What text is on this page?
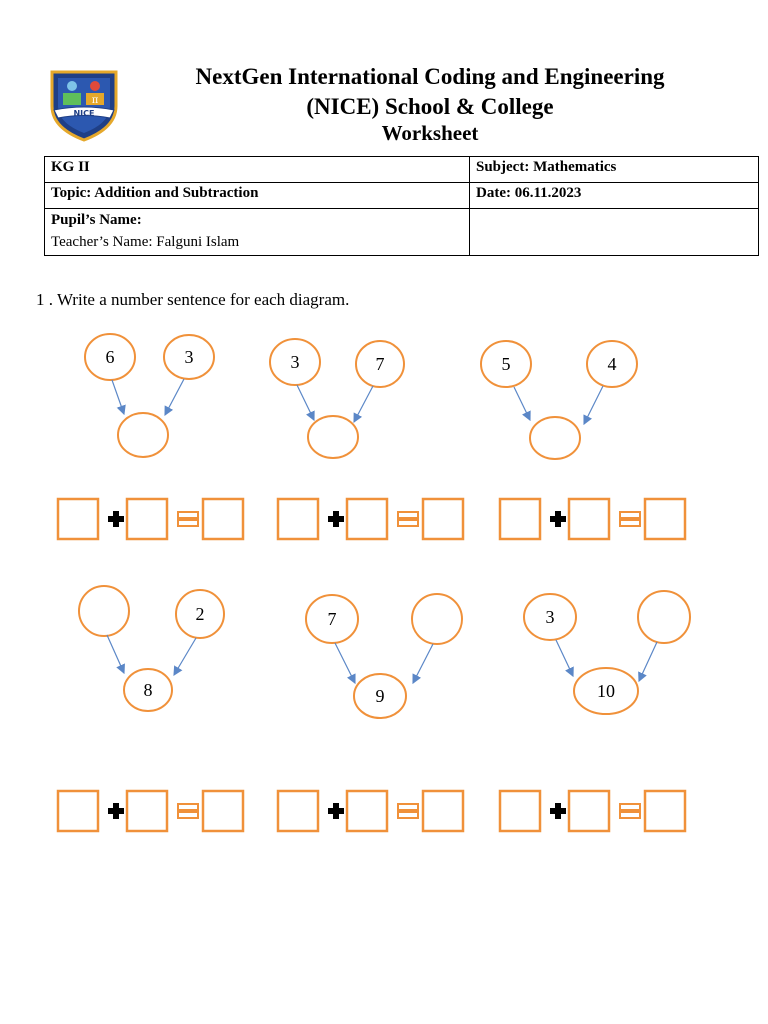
π
NICE
NextGen International Coding and Engineering
(NICE) School & College
Worksheet
KG II	Subject: Mathematics
Topic: Addition and Subtraction	Date: 06.11.2023

Pupil’s Name:
Teacher’s Name: Falguni Islam	

1 . Write a number sentence for each diagram.
6	3	3	7	5	4
2
8
7
9
3
10
